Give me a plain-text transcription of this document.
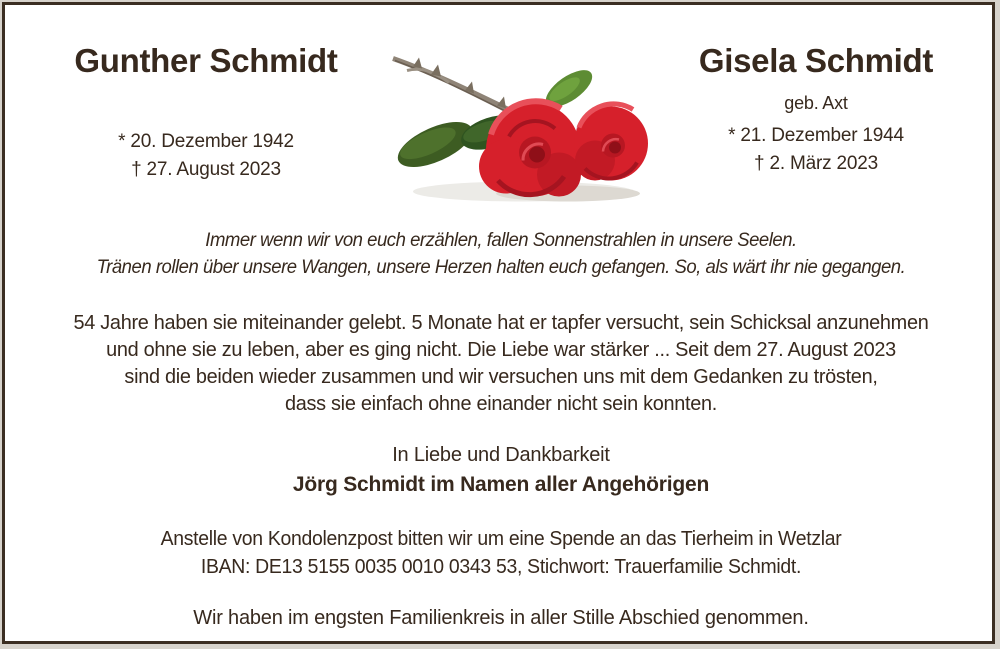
Gunther Schmidt
* 20. Dezember 1942
† 27. August 2023
Gisela Schmidt
geb. Axt
* 21. Dezember 1944
† 2. März 2023
Immer wenn wir von euch erzählen, fallen Sonnenstrahlen in unsere Seelen.
Tränen rollen über unsere Wangen, unsere Herzen halten euch gefangen. So, als wärt ihr nie gegangen.
54 Jahre haben sie miteinander gelebt. 5 Monate hat er tapfer versucht, sein Schicksal anzunehmen
und ohne sie zu leben, aber es ging nicht. Die Liebe war stärker ... Seit dem 27. August 2023
sind die beiden wieder zusammen und wir versuchen uns mit dem Gedanken zu trösten,
dass sie einfach ohne einander nicht sein konnten.
In Liebe und Dankbarkeit
Jörg Schmidt im Namen aller Angehörigen
Anstelle von Kondolenzpost bitten wir um eine Spende an das Tierheim in Wetzlar
IBAN: DE13 5155 0035 0010 0343 53, Stichwort: Trauerfamilie Schmidt.
Wir haben im engsten Familienkreis in aller Stille Abschied genommen.
